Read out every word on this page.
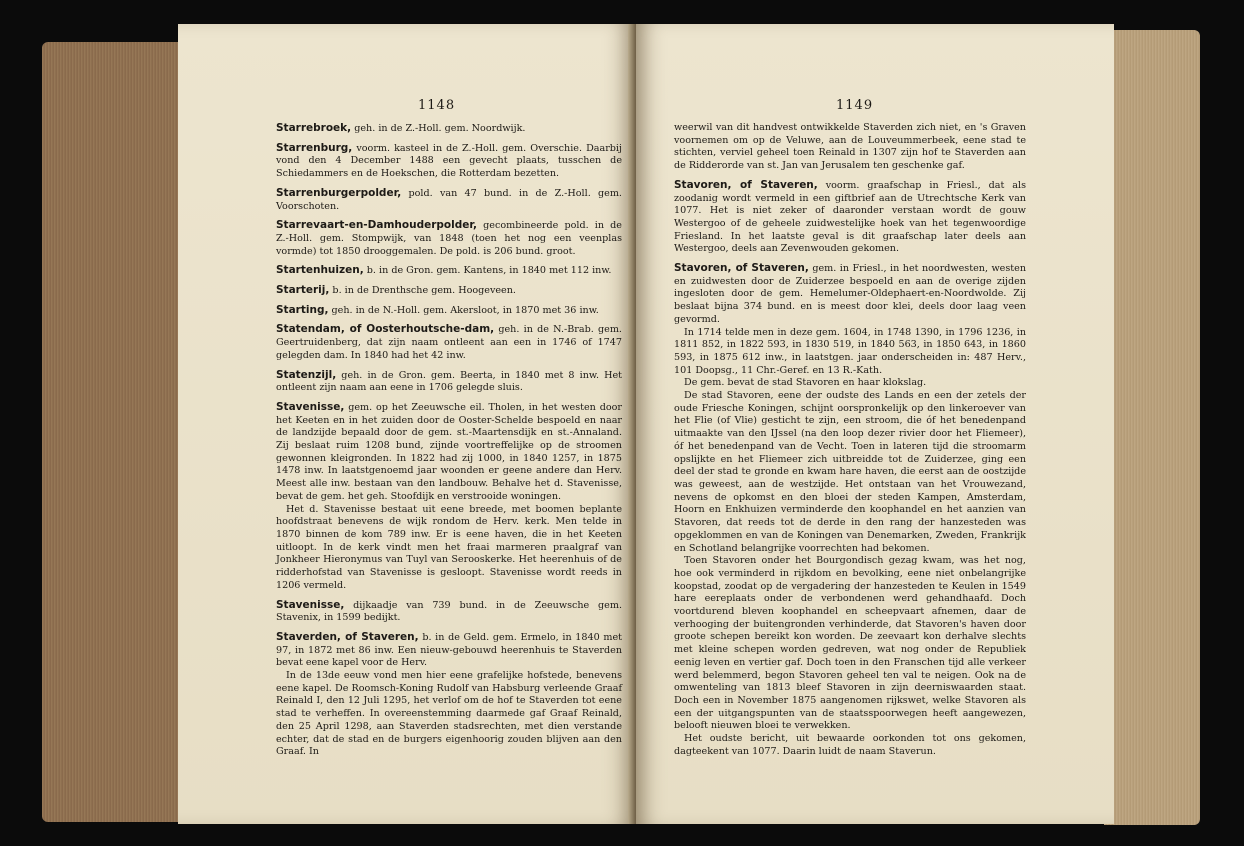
1148

Starrebroek, geh. in de Z.-Holl. gem. Noordwijk.

Starrenburg, voorm. kasteel in de Z.-Holl. gem. Overschie. Daarbij vond den 4 December 1488 een gevecht plaats, tusschen de Schiedammers en de Hoekschen, die Rotterdam bezetten.

Starrenburgerpolder, pold. van 47 bund. in de Z.-Holl. gem. Voorschoten.

Starrevaart-en-Damhouderpolder, gecombineerde pold. in de Z.-Holl. gem. Stompwijk, van 1848 (toen het nog een veenplas vormde) tot 1850 drooggemalen. De pold. is 206 bund. groot.

Startenhuizen, b. in de Gron. gem. Kantens, in 1840 met 112 inw.

Starterij, b. in de Drenthsche gem. Hoogeveen.

Starting, geh. in de N.-Holl. gem. Akersloot, in 1870 met 36 inw.

Statendam, of Oosterhoutsche-dam, geh. in de N.-Brab. gem. Geertruidenberg, dat zijn naam ontleent aan een in 1746 of 1747 gelegden dam. In 1840 had het 42 inw.

Statenzijl, geh. in de Gron. gem. Beerta, in 1840 met 8 inw. Het ontleent zijn naam aan eene in 1706 gelegde sluis.

Stavenisse, gem. op het Zeeuwsche eil. Tholen, in het westen door het Keeten en in het zuiden door de Ooster-Schelde bespoeld en naar de landzijde bepaald door de gem. st.-Maartensdijk en st.-Annaland. Zij beslaat ruim 1208 bund, zijnde voortreffelijke op de stroomen gewonnen kleigronden. In 1822 had zij 1000, in 1840 1257, in 1875 1478 inw. In laatstgenoemd jaar woonden er geene andere dan Herv. Meest alle inw. bestaan van den landbouw. Behalve het d. Stavenisse, bevat de gem. het geh. Stoofdijk en verstrooide woningen.

Het d. Stavenisse bestaat uit eene breede, met boomen beplante hoofdstraat benevens de wijk rondom de Herv. kerk. Men telde in 1870 binnen de kom 789 inw. Er is eene haven, die in het Keeten uitloopt. In de kerk vindt men het fraai marmeren praalgraf van Jonkheer Hieronymus van Tuyl van Serooskerke. Het heerenhuis of de ridderhofstad van Stavenisse is gesloopt. Stavenisse wordt reeds in 1206 vermeld.

Stavenisse, dijkaadje van 739 bund. in de Zeeuwsche gem. Stavenix, in 1599 bedijkt.

Staverden, of Staveren, b. in de Geld. gem. Ermelo, in 1840 met 97, in 1872 met 86 inw. Een nieuw-gebouwd heerenhuis te Staverden bevat eene kapel voor de Herv.

In de 13de eeuw vond men hier eene grafelijke hofstede, benevens eene kapel. De Roomsch-Koning Rudolf van Habsburg verleende Graaf Reinald I, den 12 Juli 1295, het verlof om de hof te Staverden tot eene stad te verheffen. In overeenstemming daarmede gaf Graaf Reinald, den 25 April 1298, aan Staverden stadsrechten, met dien verstande echter, dat de stad en de burgers eigenhoorig zouden blijven aan den Graaf. In

1149

weerwil van dit handvest ontwikkelde Staverden zich niet, en 's Graven voornemen om op de Veluwe, aan de Louveummerbeek, eene stad te stichten, verviel geheel toen Reinald in 1307 zijn hof te Staverden aan de Ridderorde van st. Jan van Jerusalem ten geschenke gaf.

Stavoren, of Staveren, voorm. graafschap in Friesl., dat als zoodanig wordt vermeld in een giftbrief aan de Utrechtsche Kerk van 1077. Het is niet zeker of daaronder verstaan wordt de gouw Westergoo of de geheele zuidwestelijke hoek van het tegenwoordige Friesland. In het laatste geval is dit graafschap later deels aan Westergoo, deels aan Zevenwouden gekomen.

Stavoren, of Staveren, gem. in Friesl., in het noordwesten, westen en zuidwesten door de Zuiderzee bespoeld en aan de overige zijden ingesloten door de gem. Hemelumer-Oldephaert-en-Noordwolde. Zij beslaat bijna 374 bund. en is meest door klei, deels door laag veen gevormd.

In 1714 telde men in deze gem. 1604, in 1748 1390, in 1796 1236, in 1811 852, in 1822 593, in 1830 519, in 1840 563, in 1850 643, in 1860 593, in 1875 612 inw., in laatstgen. jaar onderscheiden in: 487 Herv., 101 Doopsg., 11 Chr.-Geref. en 13 R.-Kath.

De gem. bevat de stad Stavoren en haar klokslag.

De stad Stavoren, eene der oudste des Lands en een der zetels der oude Friesche Koningen, schijnt oorspronkelijk op den linkeroever van het Flie (of Vlie) gesticht te zijn, een stroom, die óf het benedenpand uitmaakte van den IJssel (na den loop dezer rivier door het Fliemeer), óf het benedenpand van de Vecht. Toen in lateren tijd die stroomarm opslijkte en het Fliemeer zich uitbreidde tot de Zuiderzee, ging een deel der stad te gronde en kwam hare haven, die eerst aan de oostzijde was geweest, aan de westzijde. Het ontstaan van het Vrouwezand, nevens de opkomst en den bloei der steden Kampen, Amsterdam, Hoorn en Enkhuizen verminderde den koophandel en het aanzien van Stavoren, dat reeds tot de derde in den rang der hanzesteden was opgeklommen en van de Koningen van Denemarken, Zweden, Frankrijk en Schotland belangrijke voorrechten had bekomen.

Toen Stavoren onder het Bourgondisch gezag kwam, was het nog, hoe ook verminderd in rijkdom en bevolking, eene niet onbelangrijke koopstad, zoodat op de vergadering der hanzesteden te Keulen in 1549 hare eereplaats onder de verbondenen werd gehandhaafd. Doch voortdurend bleven koophandel en scheepvaart afnemen, daar de verhooging der buitengronden verhinderde, dat Stavoren's haven door groote schepen bereikt kon worden. De zeevaart kon derhalve slechts met kleine schepen worden gedreven, wat nog onder de Republiek eenig leven en vertier gaf. Doch toen in den Franschen tijd alle verkeer werd belemmerd, begon Stavoren geheel ten val te neigen. Ook na de omwenteling van 1813 bleef Stavoren in zijn deerniswaarden staat. Doch een in November 1875 aangenomen rijkswet, welke Stavoren als een der uitgangspunten van de staatsspoorwegen heeft aangewezen, belooft nieuwen bloei te verwekken.

Het oudste bericht, uit bewaarde oorkonden tot ons gekomen, dagteekent van 1077. Daarin luidt de naam Staverun.
